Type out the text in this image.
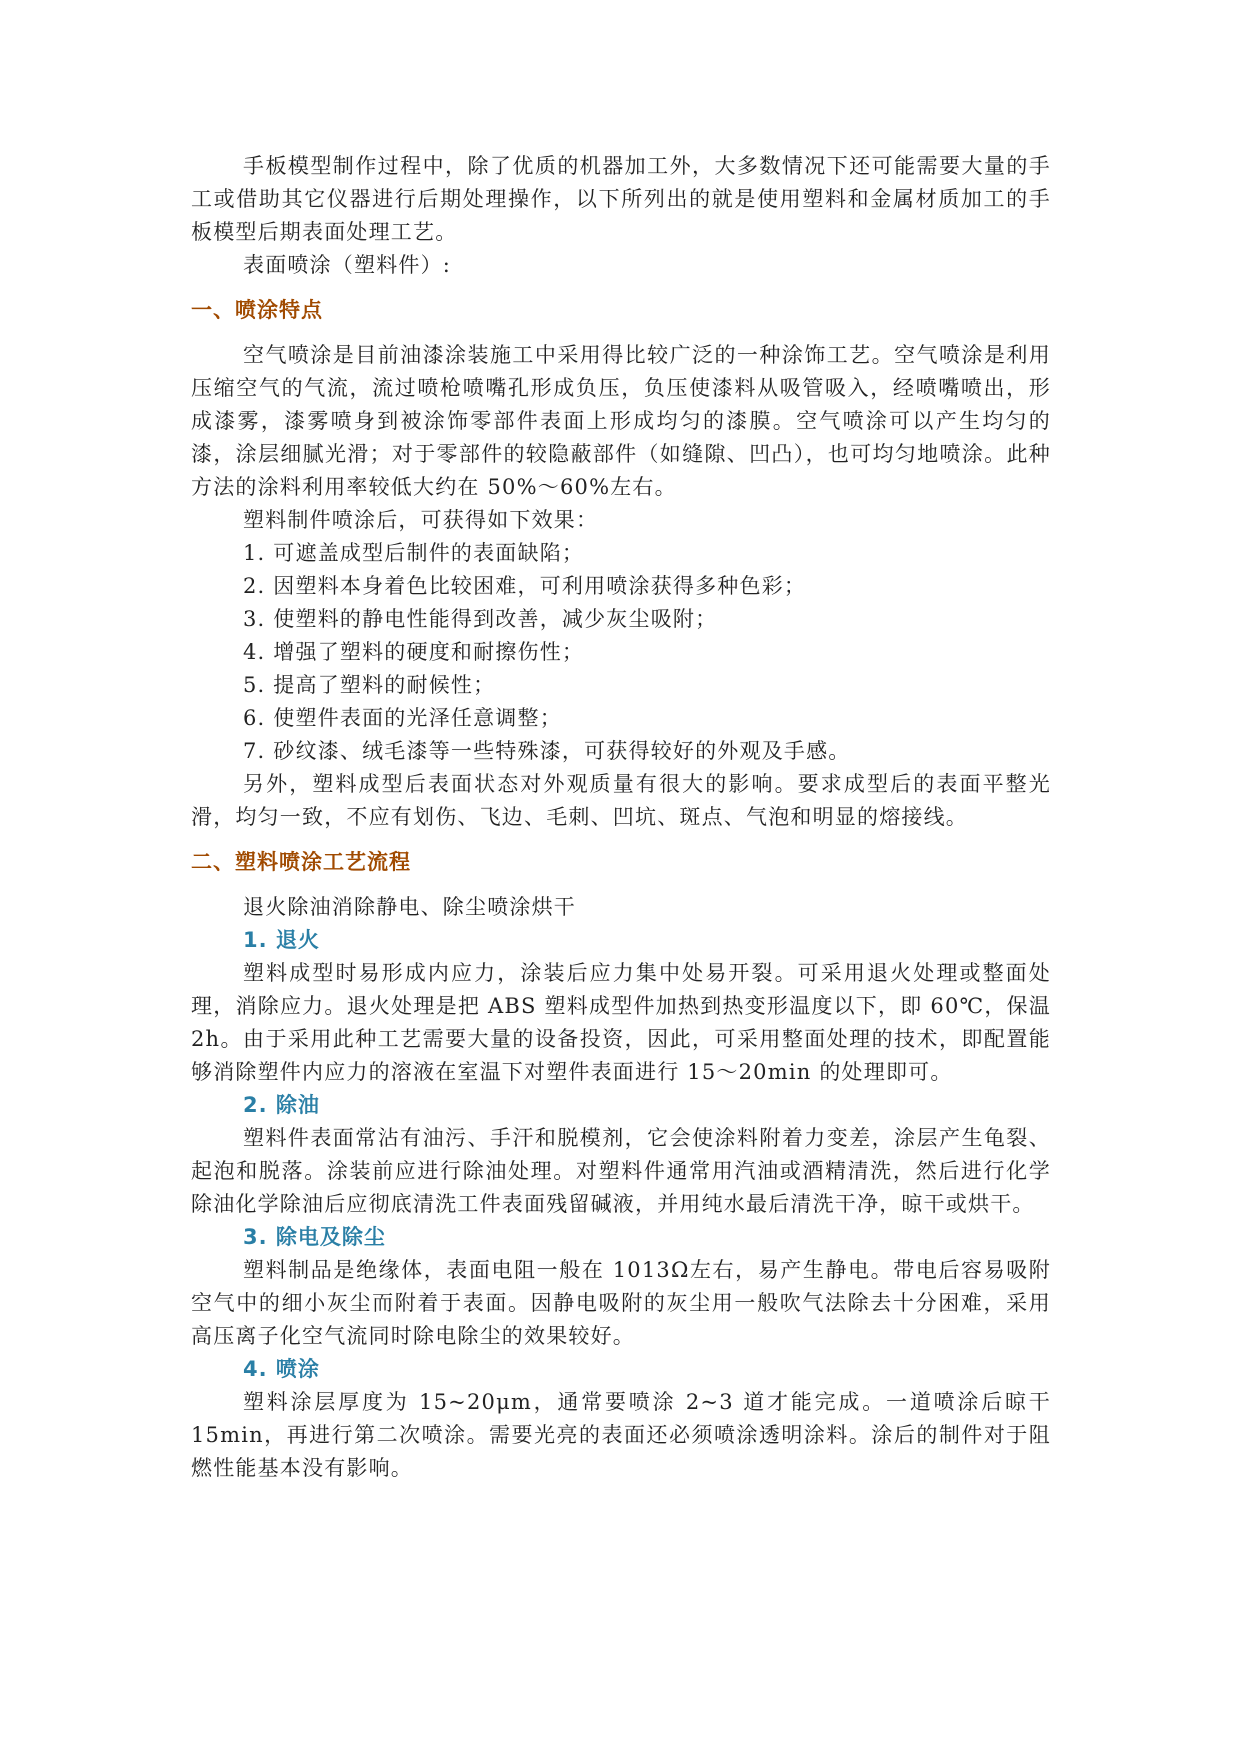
手板模型制作过程中，除了优质的机器加工外，大多数情况下还可能需要大量的手工或借助其它仪器进行后期处理操作，以下所列出的就是使用塑料和金属材质加工的手板模型后期表面处理工艺。

表面喷涂（塑料件）:

一、喷涂特点

空气喷涂是目前油漆涂装施工中采用得比较广泛的一种涂饰工艺。空气喷涂是利用压缩空气的气流，流过喷枪喷嘴孔形成负压，负压使漆料从吸管吸入，经喷嘴喷出，形成漆雾，漆雾喷身到被涂饰零部件表面上形成均匀的漆膜。空气喷涂可以产生均匀的漆，涂层细腻光滑；对于零部件的较隐蔽部件（如缝隙、凹凸），也可均匀地喷涂。此种方法的涂料利用率较低大约在 50%～60%左右。

塑料制件喷涂后，可获得如下效果：

1. 可遮盖成型后制件的表面缺陷；

2. 因塑料本身着色比较困难，可利用喷涂获得多种色彩；

3. 使塑料的静电性能得到改善，减少灰尘吸附；

4. 增强了塑料的硬度和耐擦伤性；

5. 提高了塑料的耐候性；

6. 使塑件表面的光泽任意调整；

7. 砂纹漆、绒毛漆等一些特殊漆，可获得较好的外观及手感。

另外，塑料成型后表面状态对外观质量有很大的影响。要求成型后的表面平整光滑，均匀一致，不应有划伤、飞边、毛刺、凹坑、斑点、气泡和明显的熔接线。

二、塑料喷涂工艺流程

退火除油消除静电、除尘喷涂烘干

1. 退火

塑料成型时易形成内应力，涂装后应力集中处易开裂。可采用退火处理或整面处理，消除应力。退火处理是把 ABS 塑料成型件加热到热变形温度以下，即 60℃，保温 2h。由于采用此种工艺需要大量的设备投资，因此，可采用整面处理的技术，即配置能够消除塑件内应力的溶液在室温下对塑件表面进行 15～20min 的处理即可。

2. 除油

塑料件表面常沾有油污、手汗和脱模剂，它会使涂料附着力变差，涂层产生龟裂、起泡和脱落。涂装前应进行除油处理。对塑料件通常用汽油或酒精清洗，然后进行化学除油化学除油后应彻底清洗工件表面残留碱液，并用纯水最后清洗干净，晾干或烘干。

3. 除电及除尘

塑料制品是绝缘体，表面电阻一般在 1013Ω左右，易产生静电。带电后容易吸附空气中的细小灰尘而附着于表面。因静电吸附的灰尘用一般吹气法除去十分困难，采用高压离子化空气流同时除电除尘的效果较好。

4. 喷涂

塑料涂层厚度为 15~20μm，通常要喷涂 2~3 道才能完成。一道喷涂后晾干15min，再进行第二次喷涂。需要光亮的表面还必须喷涂透明涂料。涂后的制件对于阻燃性能基本没有影响。
